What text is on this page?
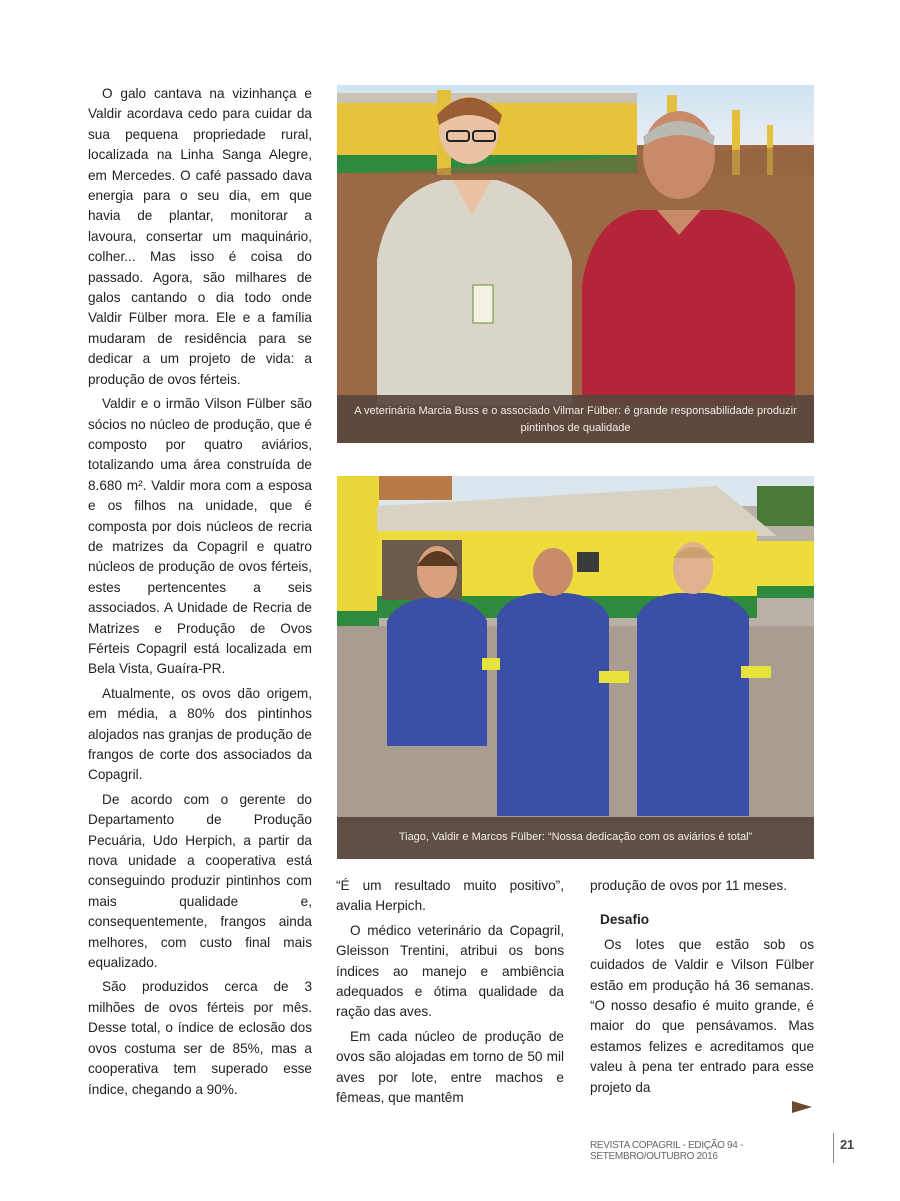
O galo cantava na vizinhança e Valdir acordava cedo para cuidar da sua pequena propriedade rural, localizada na Linha Sanga Alegre, em Mercedes. O café passado dava energia para o seu dia, em que havia de plantar, monitorar a lavoura, consertar um maquinário, colher... Mas isso é coisa do passado. Agora, são milhares de galos cantando o dia todo onde Valdir Fülber mora. Ele e a família mudaram de residência para se dedicar a um projeto de vida: a produção de ovos férteis.

Valdir e o irmão Vilson Fülber são sócios no núcleo de produção, que é composto por quatro aviários, totalizando uma área construída de 8.680 m². Valdir mora com a esposa e os filhos na unidade, que é composta por dois núcleos de recria de matrizes da Copagril e quatro núcleos de produção de ovos férteis, estes pertencentes a seis associados. A Unidade de Recria de Matrizes e Produção de Ovos Férteis Copagril está localizada em Bela Vista, Guaíra-PR.

Atualmente, os ovos dão origem, em média, a 80% dos pintinhos alojados nas granjas de produção de frangos de corte dos associados da Copagril.

De acordo com o gerente do Departamento de Produção Pecuária, Udo Herpich, a partir da nova unidade a cooperativa está conseguindo produzir pintinhos com mais qualidade e, consequentemente, frangos ainda melhores, com custo final mais equalizado.

São produzidos cerca de 3 milhões de ovos férteis por mês. Desse total, o índice de eclosão dos ovos costuma ser de 85%, mas a cooperativa tem superado esse índice, chegando a 90%.

A veterinária Marcia Buss e o associado Vilmar Fülber: é grande responsabilidade produzir pintinhos de qualidade
Tiago, Valdir e Marcos Fülber: “Nossa dedicação com os aviários é total”

“É um resultado muito positivo”, avalia Herpich.

O médico veterinário da Copagril, Gleisson Trentini, atribui os bons índices ao manejo e ambiência adequados e ótima qualidade da ração das aves.

Em cada núcleo de produção de ovos são alojadas em torno de 50 mil aves por lote, entre machos e fêmeas, que mantêm

produção de ovos por 11 meses.

Desafio

Os lotes que estão sob os cuidados de Valdir e Vilson Fülber estão em produção há 36 semanas. “O nosso desafio é muito grande, é maior do que pensávamos. Mas estamos felizes e acreditamos que valeu à pena ter entrado para esse projeto da

REVISTA COPAGRIL - EDIÇÃO 94 - SETEMBRO/OUTUBRO 2016
21
